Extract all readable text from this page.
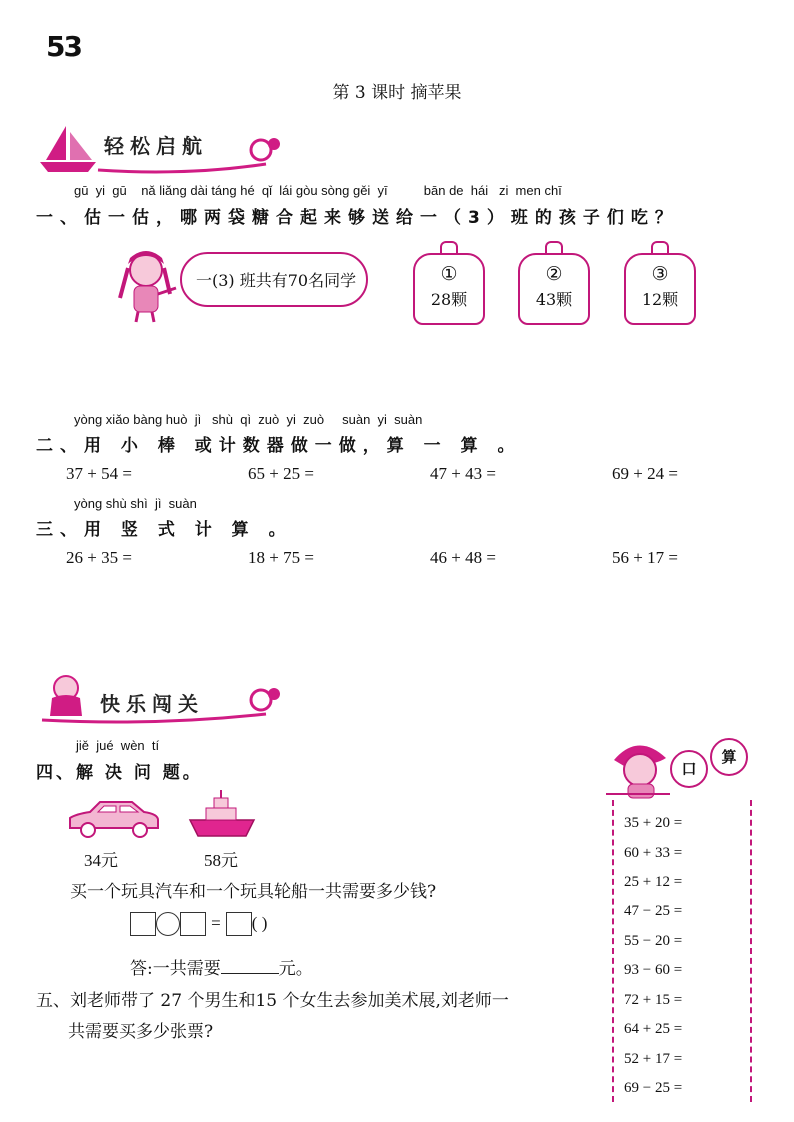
53
第 3 课时 摘苹果
轻松启航
gū  yi  gū    nǎ liǎng dài táng hé  qǐ  lái gòu sòng gěi  yī          bān de  hái   zi  men chī
一、估一估，哪两袋糖合起来够送给一（3）班的孩子们吃？
一(3) 班共有70名同学	①
28颗
②
43颗
③
12颗
yòng xiǎo bàng huò  jì   shù  qì  zuò  yi  zuò     suàn  yi  suàn
二、用 小 棒 或计数器做一做，算 一 算 。
37 + 54 =	65 + 25 =	47 + 43 =	69 + 24 =
yòng shù shì  jì  suàn
三、用 竖 式 计 算 。
26 + 35 =	18 + 75 =	46 + 48 =	56 + 17 =
快乐闯关
jiě  jué  wèn  tí
四、解 决 问 题。
34元	58元
买一个玩具汽车和一个玩具轮船一共需要多少钱?
= ( )
答:一共需要	元。
五、刘老师带了 27 个男生和15 个女生去参加美术展,刘老师一
共需要买多少张票?
口
算
35 + 20 =
60 + 33 =
25 + 12 =
47 − 25 =
55 − 20 =
93 − 60 =
72 + 15 =
64 + 25 =
52 + 17 =
69 − 25 =
